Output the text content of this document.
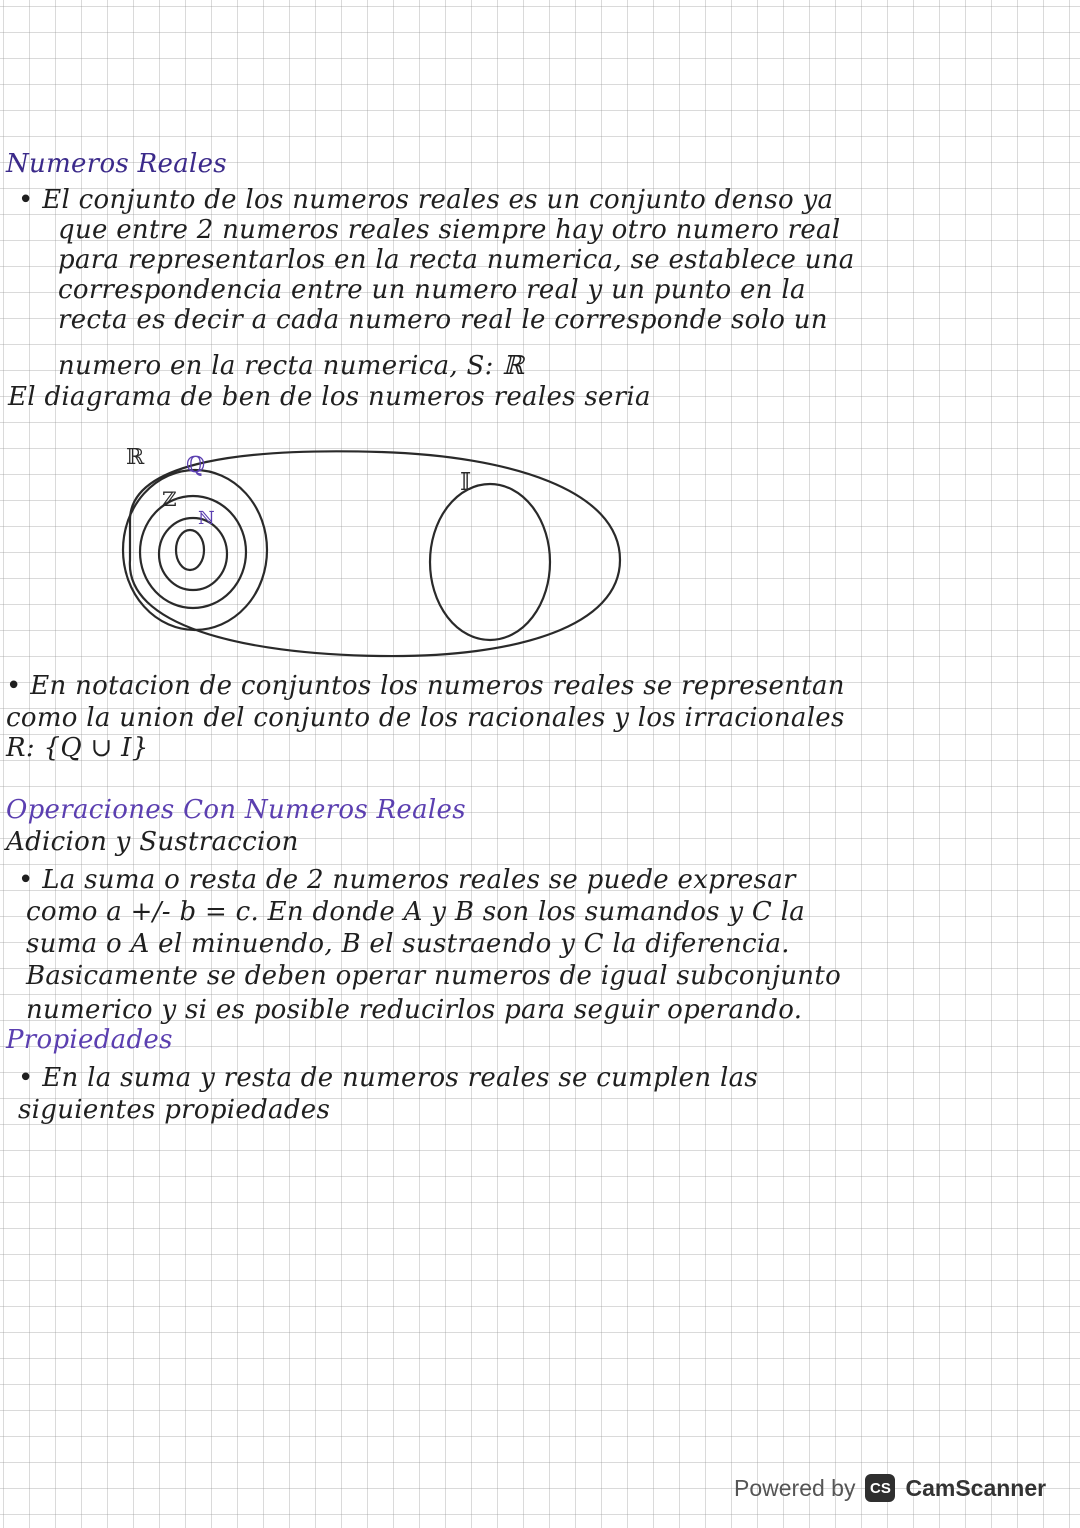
Numeros Reales
• El conjunto de los numeros reales es un conjunto denso ya
que entre 2 numeros reales siempre hay otro numero real
para representarlos en la recta numerica, se establece una
correspondencia entre un numero real y un punto en la
recta es decir a cada numero real le corresponde solo un
numero en la recta numerica, S: ℝ
El diagrama de ben de los numeros reales seria
ℝ ℚ
ℤ
ℕ
𝕀
• En notacion de conjuntos los numeros reales se representan
como la union del conjunto de los racionales y los irracionales
R: {Q ∪ I}
Operaciones Con Numeros Reales
Adicion y Sustraccion
• La suma o resta de 2 numeros reales se puede expresar
como a +/- b = c. En donde A y B son los sumandos y C la
suma o A el minuendo, B el sustraendo y C la diferencia.
Basicamente se deben operar numeros de igual subconjunto
numerico y si es posible reducirlos para seguir operando.
Propiedades
• En la suma y resta de numeros reales se cumplen las
siguientes propiedades
Powered by CS CamScanner
